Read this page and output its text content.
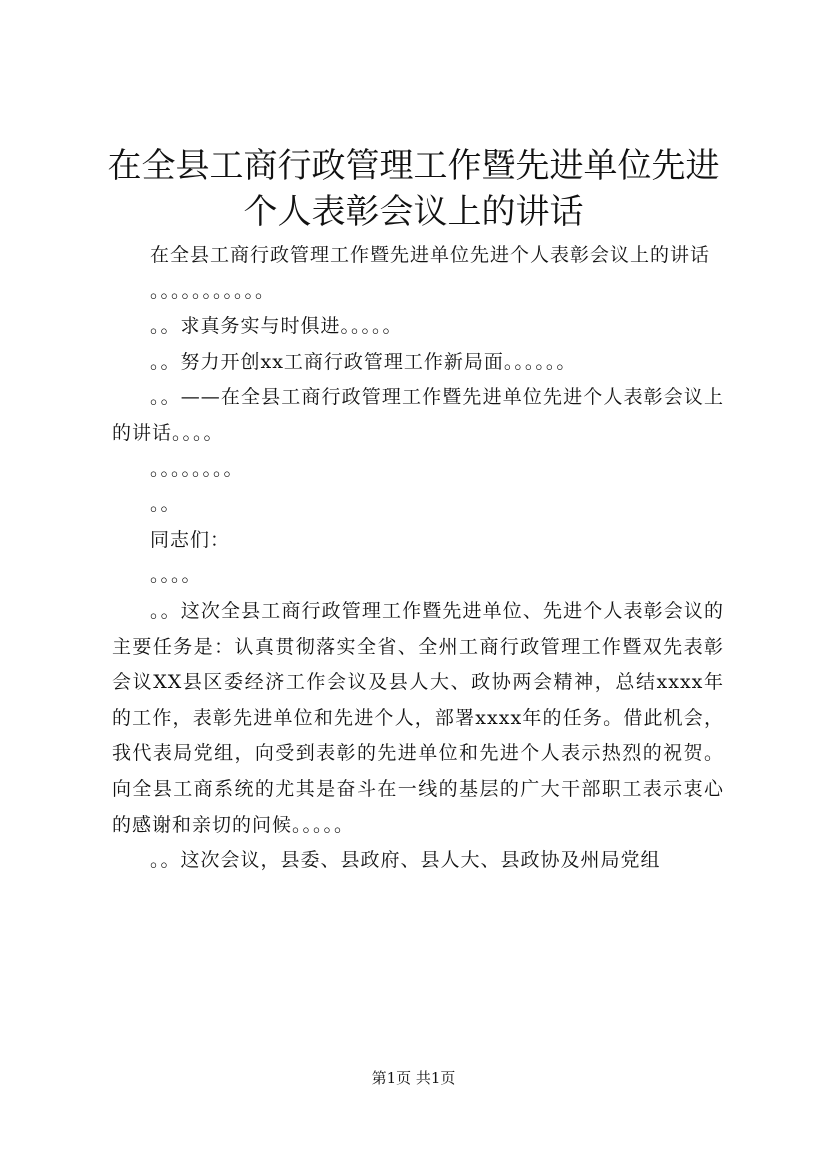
在全县工商行政管理工作暨先进单位先进个人表彰会议上的讲话

在全县工商行政管理工作暨先进单位先进个人表彰会议上的讲话

。。。。。。。。。。。

。。求真务实与时俱进。。。。。

。。努力开创xx工商行政管理工作新局面。。。。。。

。。——在全县工商行政管理工作暨先进单位先进个人表彰会议上的讲话。。。。

。。。。。。。。

。。

同志们：

。。。。

。。这次全县工商行政管理工作暨先进单位、先进个人表彰会议的主要任务是：认真贯彻落实全省、全州工商行政管理工作暨双先表彰会议XX县区委经济工作会议及县人大、政协两会精神，总结xxxx年的工作，表彰先进单位和先进个人，部署xxxx年的任务。借此机会，我代表局党组，向受到表彰的先进单位和先进个人表示热烈的祝贺。向全县工商系统的尤其是奋斗在一线的基层的广大干部职工表示衷心的感谢和亲切的问候。。。。。

。。这次会议，县委、县政府、县人大、县政协及州局党组

第1页 共1页
